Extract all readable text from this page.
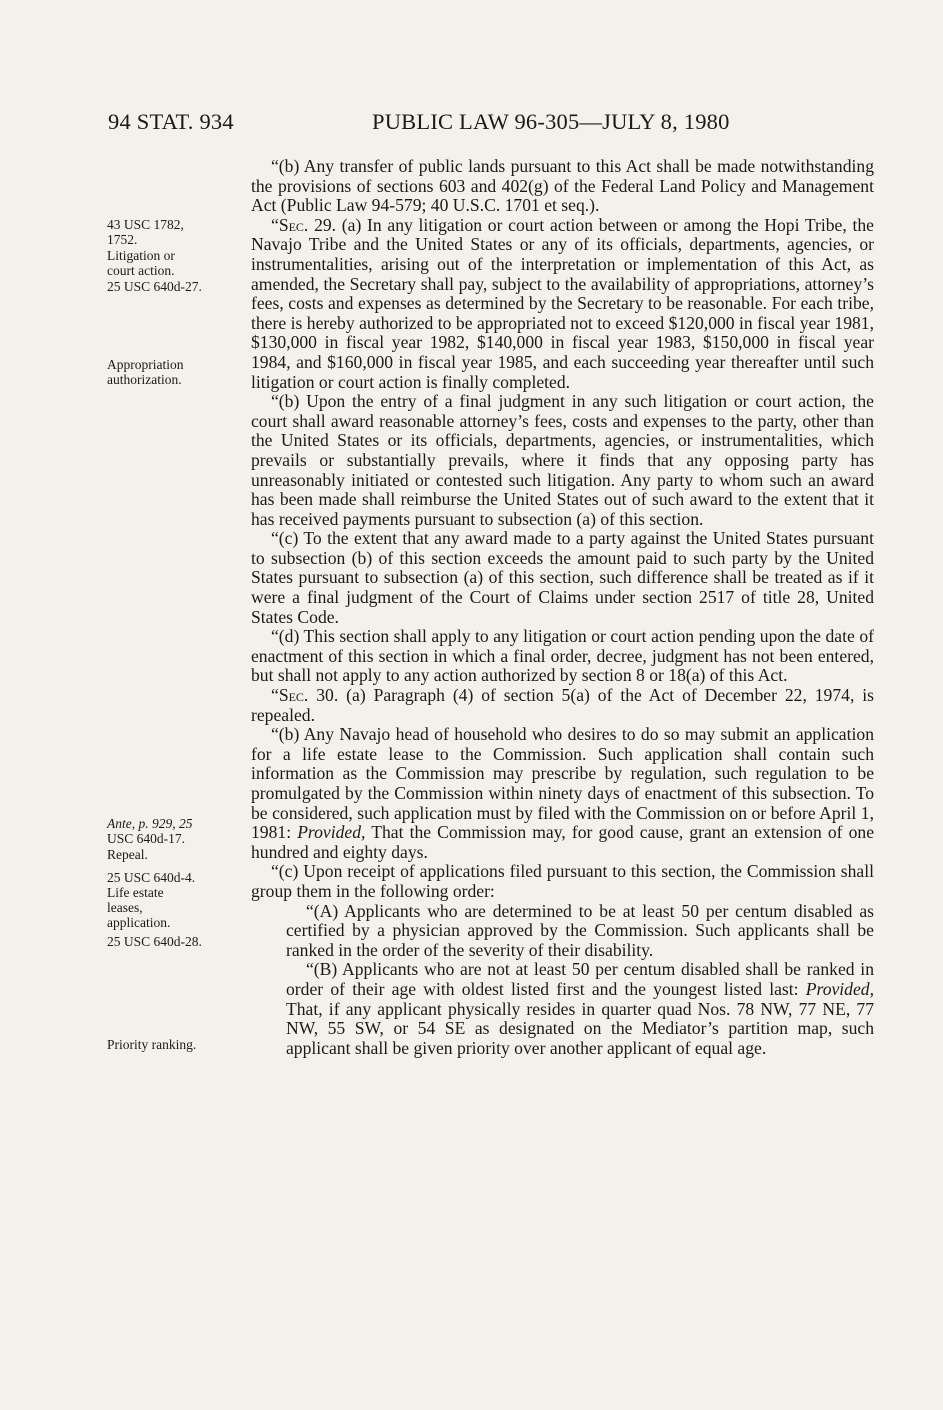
94 STAT. 934	PUBLIC LAW 96-305—JULY 8, 1980
43 USC 1782,
1752.
Litigation or
court action.
25 USC 640d-27.
Appropriation
authorization.
Ante, p. 929, 25
USC 640d-17.
Repeal.
25 USC 640d-4.
Life estate
leases,
application.
25 USC 640d-28.
Priority ranking.

“(b) Any transfer of public lands pursuant to this Act shall be made notwithstanding the provisions of sections 603 and 402(g) of the Federal Land Policy and Management Act (Public Law 94-579; 40 U.S.C. 1701 et seq.).

“Sec. 29. (a) In any litigation or court action between or among the Hopi Tribe, the Navajo Tribe and the United States or any of its officials, departments, agencies, or instrumentalities, arising out of the interpretation or implementation of this Act, as amended, the Secretary shall pay, subject to the availability of appropriations, attorney’s fees, costs and expenses as determined by the Secretary to be reasonable. For each tribe, there is hereby authorized to be appropriated not to exceed $120,000 in fiscal year 1981, $130,000 in fiscal year 1982, $140,000 in fiscal year 1983, $150,000 in fiscal year 1984, and $160,000 in fiscal year 1985, and each succeeding year thereafter until such litigation or court action is finally completed.

“(b) Upon the entry of a final judgment in any such litigation or court action, the court shall award reasonable attorney’s fees, costs and expenses to the party, other than the United States or its officials, departments, agencies, or instrumentalities, which prevails or substantially prevails, where it finds that any opposing party has unreasonably initiated or contested such litigation. Any party to whom such an award has been made shall reimburse the United States out of such award to the extent that it has received payments pursuant to subsection (a) of this section.

“(c) To the extent that any award made to a party against the United States pursuant to subsection (b) of this section exceeds the amount paid to such party by the United States pursuant to subsection (a) of this section, such difference shall be treated as if it were a final judgment of the Court of Claims under section 2517 of title 28, United States Code.

“(d) This section shall apply to any litigation or court action pending upon the date of enactment of this section in which a final order, decree, judgment has not been entered, but shall not apply to any action authorized by section 8 or 18(a) of this Act.

“Sec. 30. (a) Paragraph (4) of section 5(a) of the Act of December 22, 1974, is repealed.

“(b) Any Navajo head of household who desires to do so may submit an application for a life estate lease to the Commission. Such application shall contain such information as the Commission may prescribe by regulation, such regulation to be promulgated by the Commission within ninety days of enactment of this subsection. To be considered, such application must by filed with the Commission on or before April 1, 1981: Provided, That the Commission may, for good cause, grant an extension of one hundred and eighty days.

“(c) Upon receipt of applications filed pursuant to this section, the Commission shall group them in the following order:

“(A) Applicants who are determined to be at least 50 per centum disabled as certified by a physician approved by the Commission. Such applicants shall be ranked in the order of the severity of their disability.

“(B) Applicants who are not at least 50 per centum disabled shall be ranked in order of their age with oldest listed first and the youngest listed last: Provided, That, if any applicant physically resides in quarter quad Nos. 78 NW, 77 NE, 77 NW, 55 SW, or 54 SE as designated on the Mediator’s partition map, such applicant shall be given priority over another applicant of equal age.
